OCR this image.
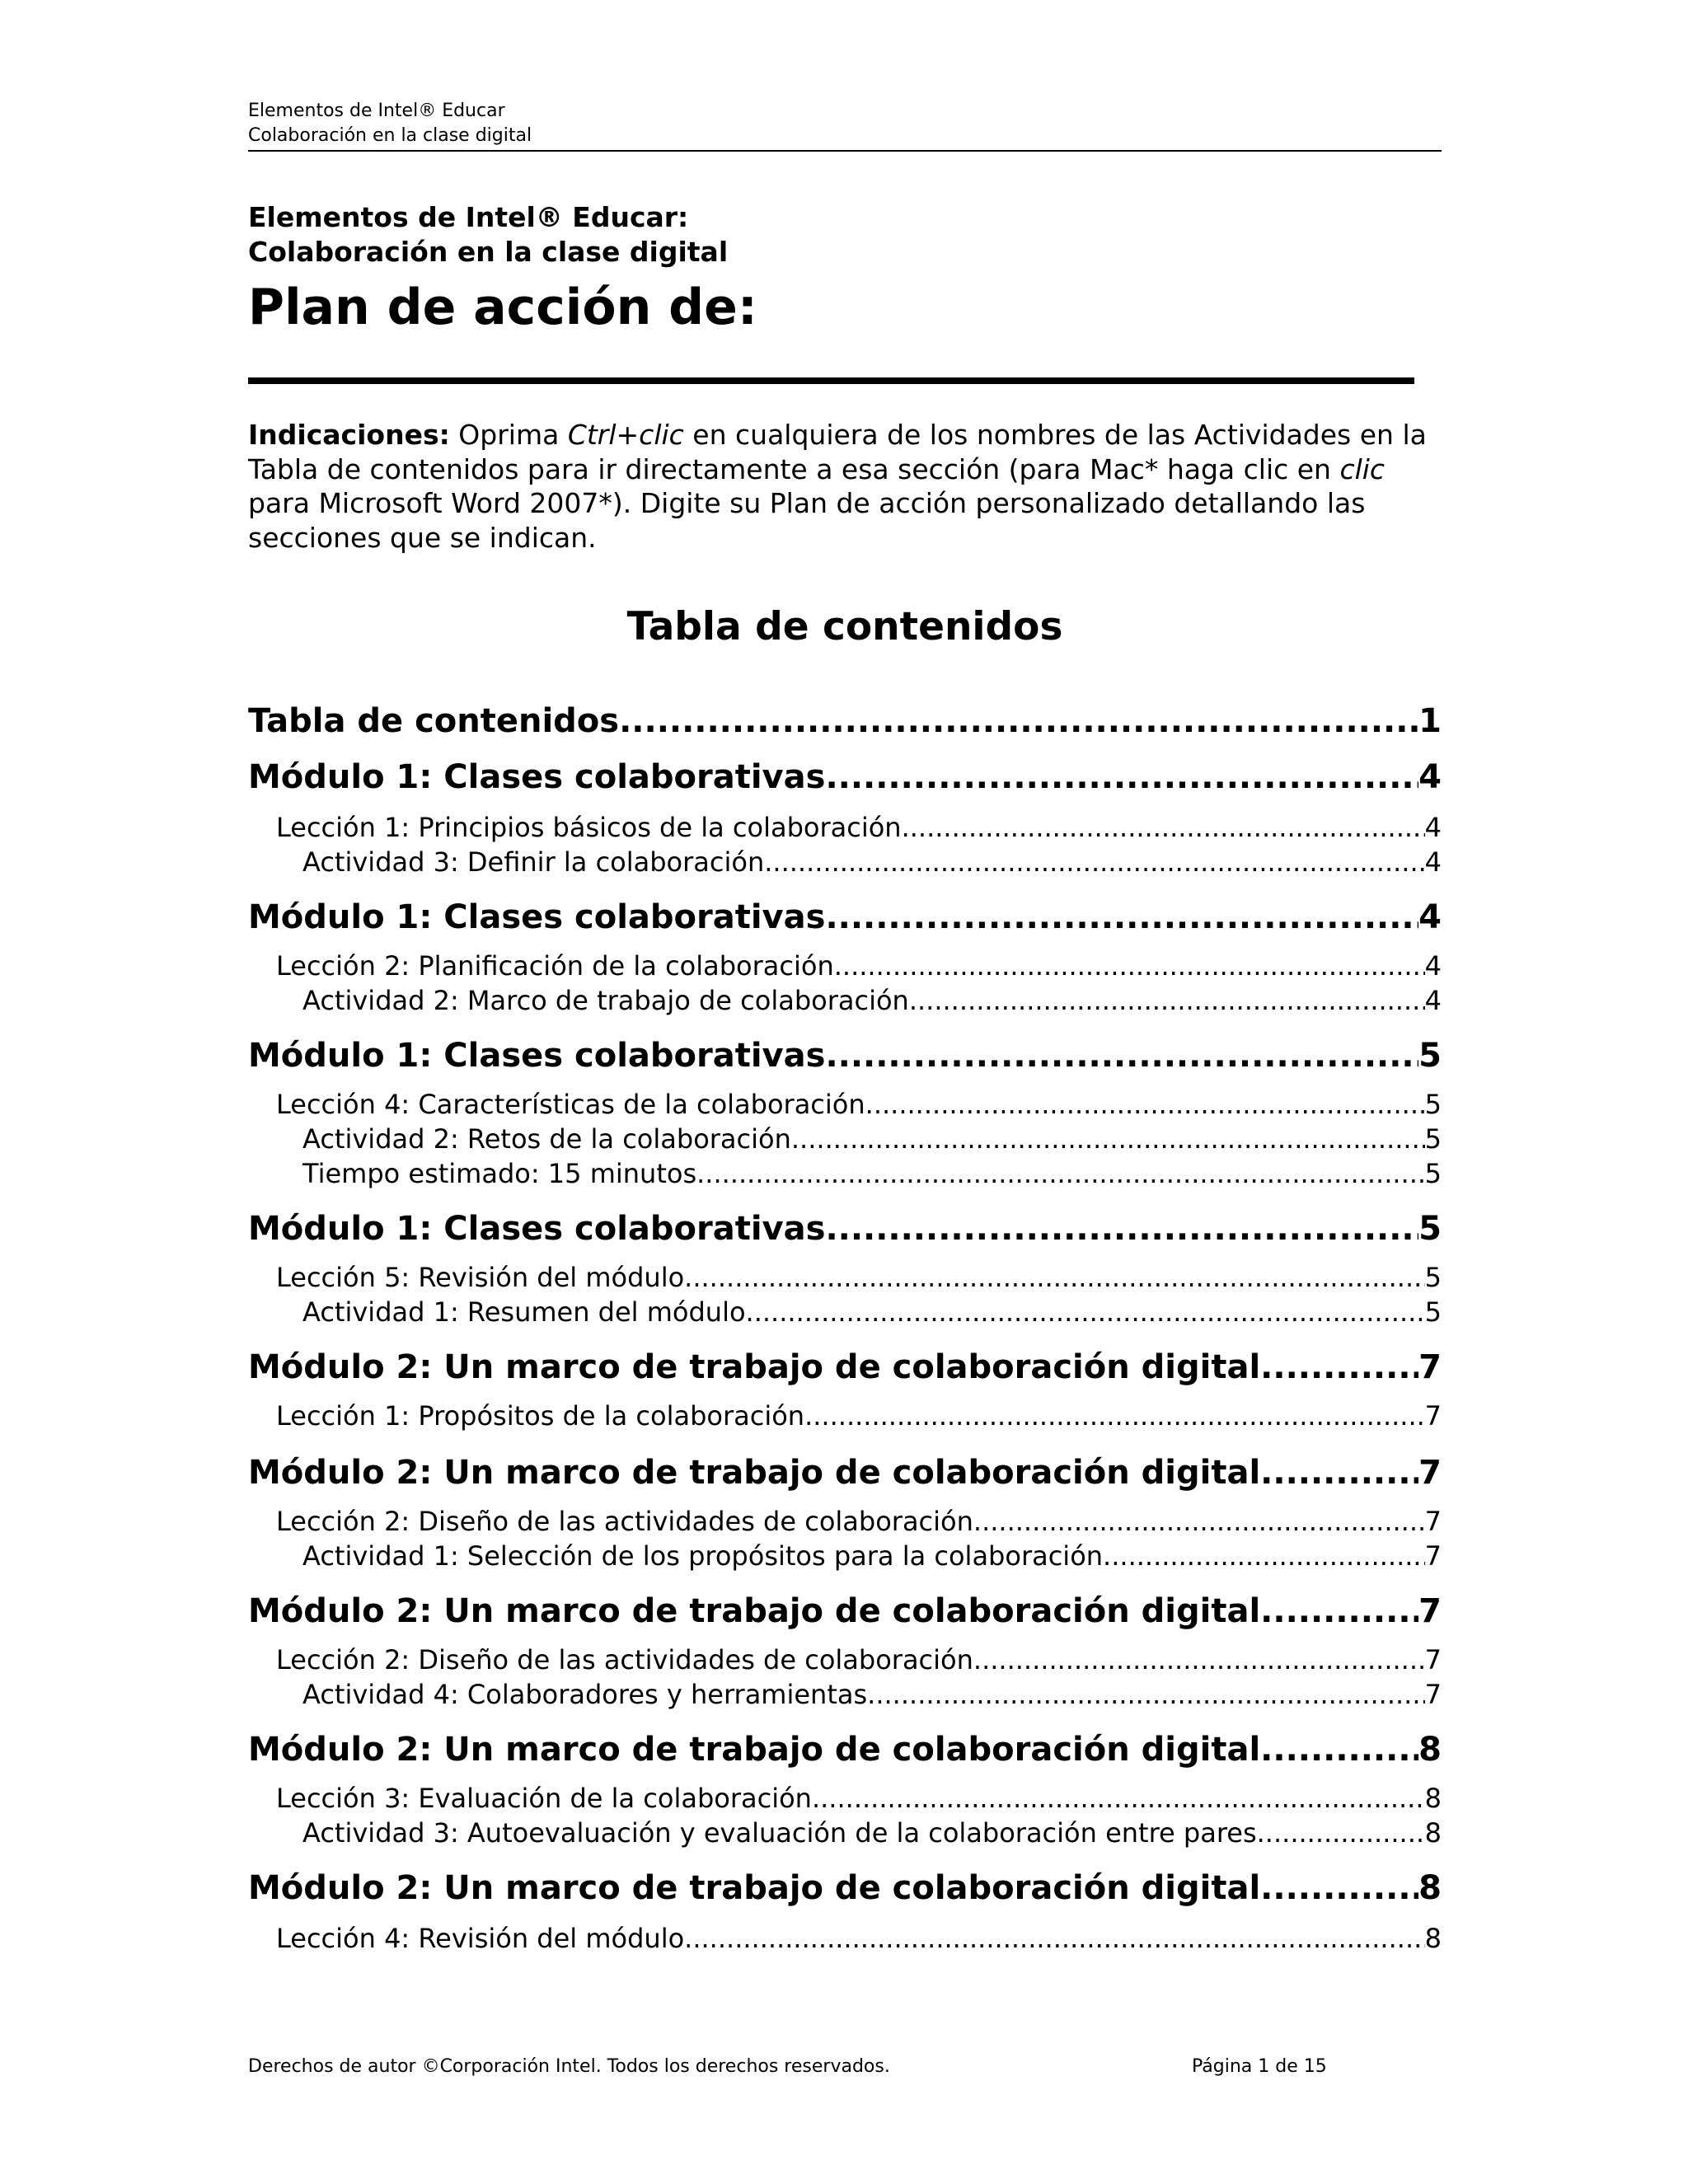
Elementos de Intel® Educar
Colaboración en la clase digital
Elementos de Intel® Educar:
Colaboración en la clase digital
Plan de acción de:
Indicaciones: Oprima Ctrl+clic en cualquiera de los nombres de las Actividades en la Tabla de contenidos para ir directamente a esa sección (para Mac* haga clic en clic para Microsoft Word 2007*). Digite su Plan de acción personalizado detallando las secciones que se indican.
Tabla de contenidos
Tabla de contenidos .....	1
Módulo 1: Clases colaborativas .....	4
Lección 1: Principios básicos de la colaboración .....	4
Actividad 3: Definir la colaboración .....	4
Módulo 1: Clases colaborativas .....	4
Lección 2: Planificación de la colaboración .....	4
Actividad 2: Marco de trabajo de colaboración .....	4
Módulo 1: Clases colaborativas .....	5
Lección 4: Características de la colaboración .....	5
Actividad 2: Retos de la colaboración .....	5
Tiempo estimado: 15 minutos .....	5
Módulo 1: Clases colaborativas .....	5
Lección 5: Revisión del módulo .....	5
Actividad 1: Resumen del módulo .....	5
Módulo 2: Un marco de trabajo de colaboración digital .....	7
Lección 1: Propósitos de la colaboración .....	7
Módulo 2: Un marco de trabajo de colaboración digital .....	7
Lección 2: Diseño de las actividades de colaboración .....	7
Actividad 1: Selección de los propósitos para la colaboración .....	7
Módulo 2: Un marco de trabajo de colaboración digital .....	7
Lección 2: Diseño de las actividades de colaboración .....	7
Actividad 4: Colaboradores y herramientas .....	7
Módulo 2: Un marco de trabajo de colaboración digital .....	8
Lección 3: Evaluación de la colaboración .....	8
Actividad 3: Autoevaluación y evaluación de la colaboración entre pares .....	8
Módulo 2: Un marco de trabajo de colaboración digital .....	8
Lección 4: Revisión del módulo .....	8
Derechos de autor ©Corporación Intel. Todos los derechos reservados.	Página 1 de 15
